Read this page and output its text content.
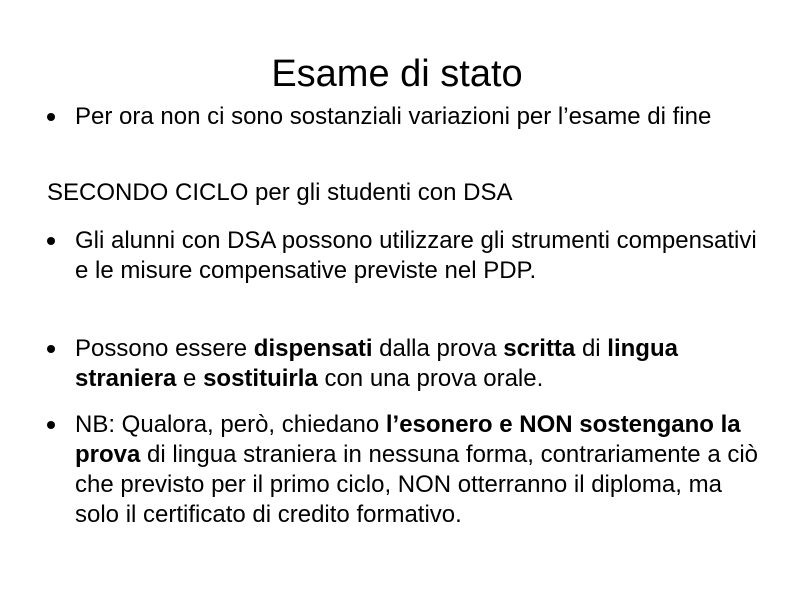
Esame di stato
Per ora non ci sono sostanziali variazioni per l’esame di fine
SECONDO CICLO per gli studenti con DSA
Gli alunni con DSA possono utilizzare gli strumenti compensativi e le misure compensative previste nel PDP.
Possono essere dispensati dalla prova scritta di lingua straniera e sostituirla con una prova orale.
NB: Qualora, però, chiedano l’esonero e NON sostengano la prova di lingua straniera in nessuna forma, contrariamente a ciò che previsto per il primo ciclo, NON otterranno il diploma, ma solo il certificato di credito formativo.
